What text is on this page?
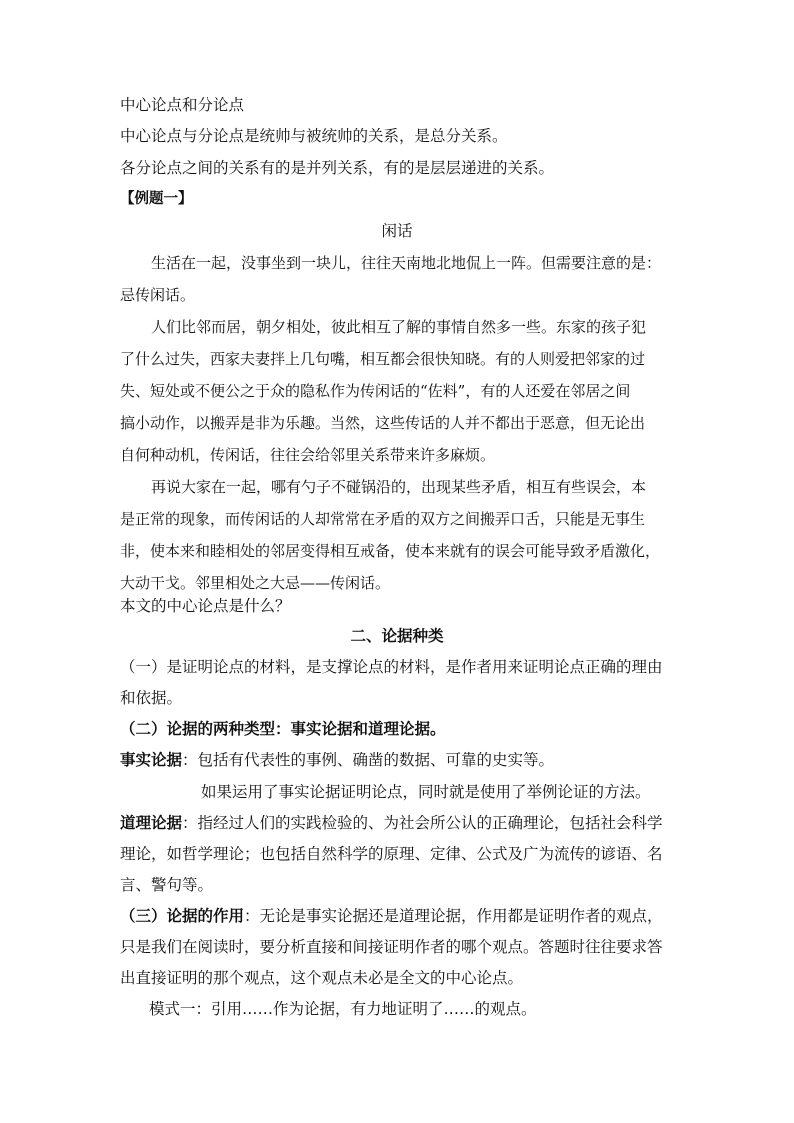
中心论点和分论点
中心论点与分论点是统帅与被统帅的关系，是总分关系。
各分论点之间的关系有的是并列关系，有的是层层递进的关系。
【例题一】
闲话
生活在一起，没事坐到一块儿，往往天南地北地侃上一阵。但需要注意的是：
忌传闲话。
人们比邻而居，朝夕相处，彼此相互了解的事情自然多一些。东家的孩子犯
了什么过失，西家夫妻拌上几句嘴，相互都会很快知晓。有的人则爱把邻家的过
失、短处或不便公之于众的隐私作为传闲话的“佐料”，有的人还爱在邻居之间
搞小动作，以搬弄是非为乐趣。当然，这些传话的人并不都出于恶意，但无论出
自何种动机，传闲话，往往会给邻里关系带来许多麻烦。
再说大家在一起，哪有勺子不碰锅沿的，出现某些矛盾，相互有些误会，本
是正常的现象，而传闲话的人却常常在矛盾的双方之间搬弄口舌，只能是无事生
非，使本来和睦相处的邻居变得相互戒备，使本来就有的误会可能导致矛盾激化，
大动干戈。邻里相处之大忌——传闲话。
本文的中心论点是什么？
二、论据种类
（一）是证明论点的材料，是支撑论点的材料，是作者用来证明论点正确的理由
和依据。
（二）论据的两种类型：事实论据和道理论据。
事实论据：包括有代表性的事例、确凿的数据、可靠的史实等。
如果运用了事实论据证明论点，同时就是使用了举例论证的方法。
道理论据：指经过人们的实践检验的、为社会所公认的正确理论，包括社会科学
理论，如哲学理论；也包括自然科学的原理、定律、公式及广为流传的谚语、名
言、警句等。
（三）论据的作用：无论是事实论据还是道理论据，作用都是证明作者的观点，
只是我们在阅读时，要分析直接和间接证明作者的哪个观点。答题时往往要求答
出直接证明的那个观点，这个观点未必是全文的中心论点。
模式一：引用……作为论据，有力地证明了……的观点。
